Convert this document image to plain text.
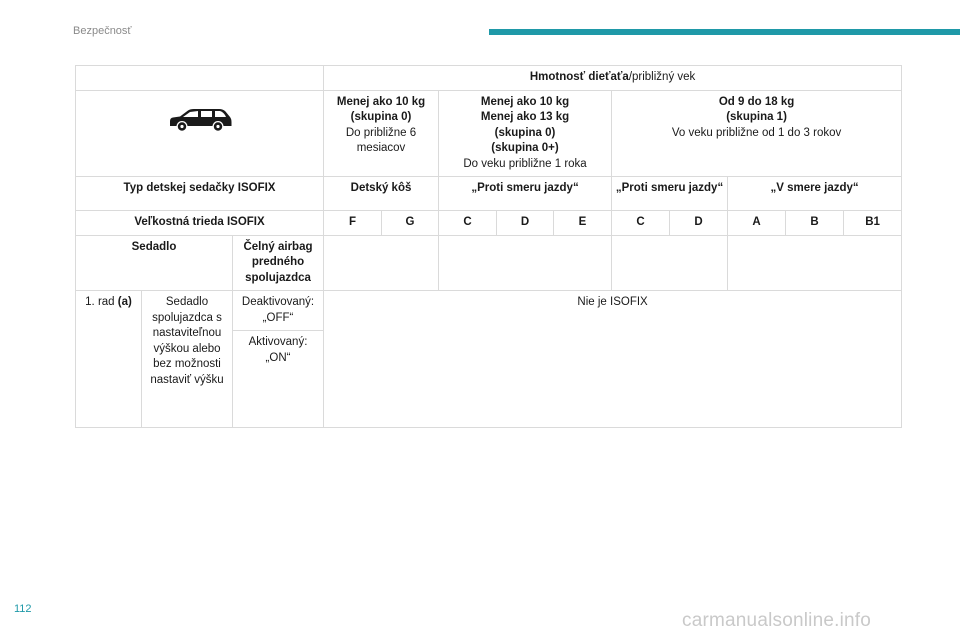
Bezpečnosť
			Hmotnosť dieťaťa/približný vek									

	Menej ako 10 kg
(skupina 0)
Do približne 6 mesiacov		Menej ako 10 kg
Menej ako 13 kg
(skupina 0)
(skupina 0+)
Do veku približne 1 roka			Od 9 do 18 kg
(skupina 1)
Vo veku približne od 1 do 3 rokov				
Typ detskej sedačky ISOFIX			Detský kôš		„Proti smeru jazdy“			„Proti smeru jazdy“		„V smere jazdy“		
Veľkostná trieda ISOFIX			F	G	C	D	E	C	D	A	B	B1
Sedadlo		Čelný airbag predného spolujazdca										
1. rad (a)	Sedadlo spolujazdca s nastaviteľnou výškou alebo bez možnosti nastaviť výšku	Deaktivovaný: „OFF“	Nie je ISOFIX									
		Aktivovaný: „ON“										
112
carmanualsonline.info
